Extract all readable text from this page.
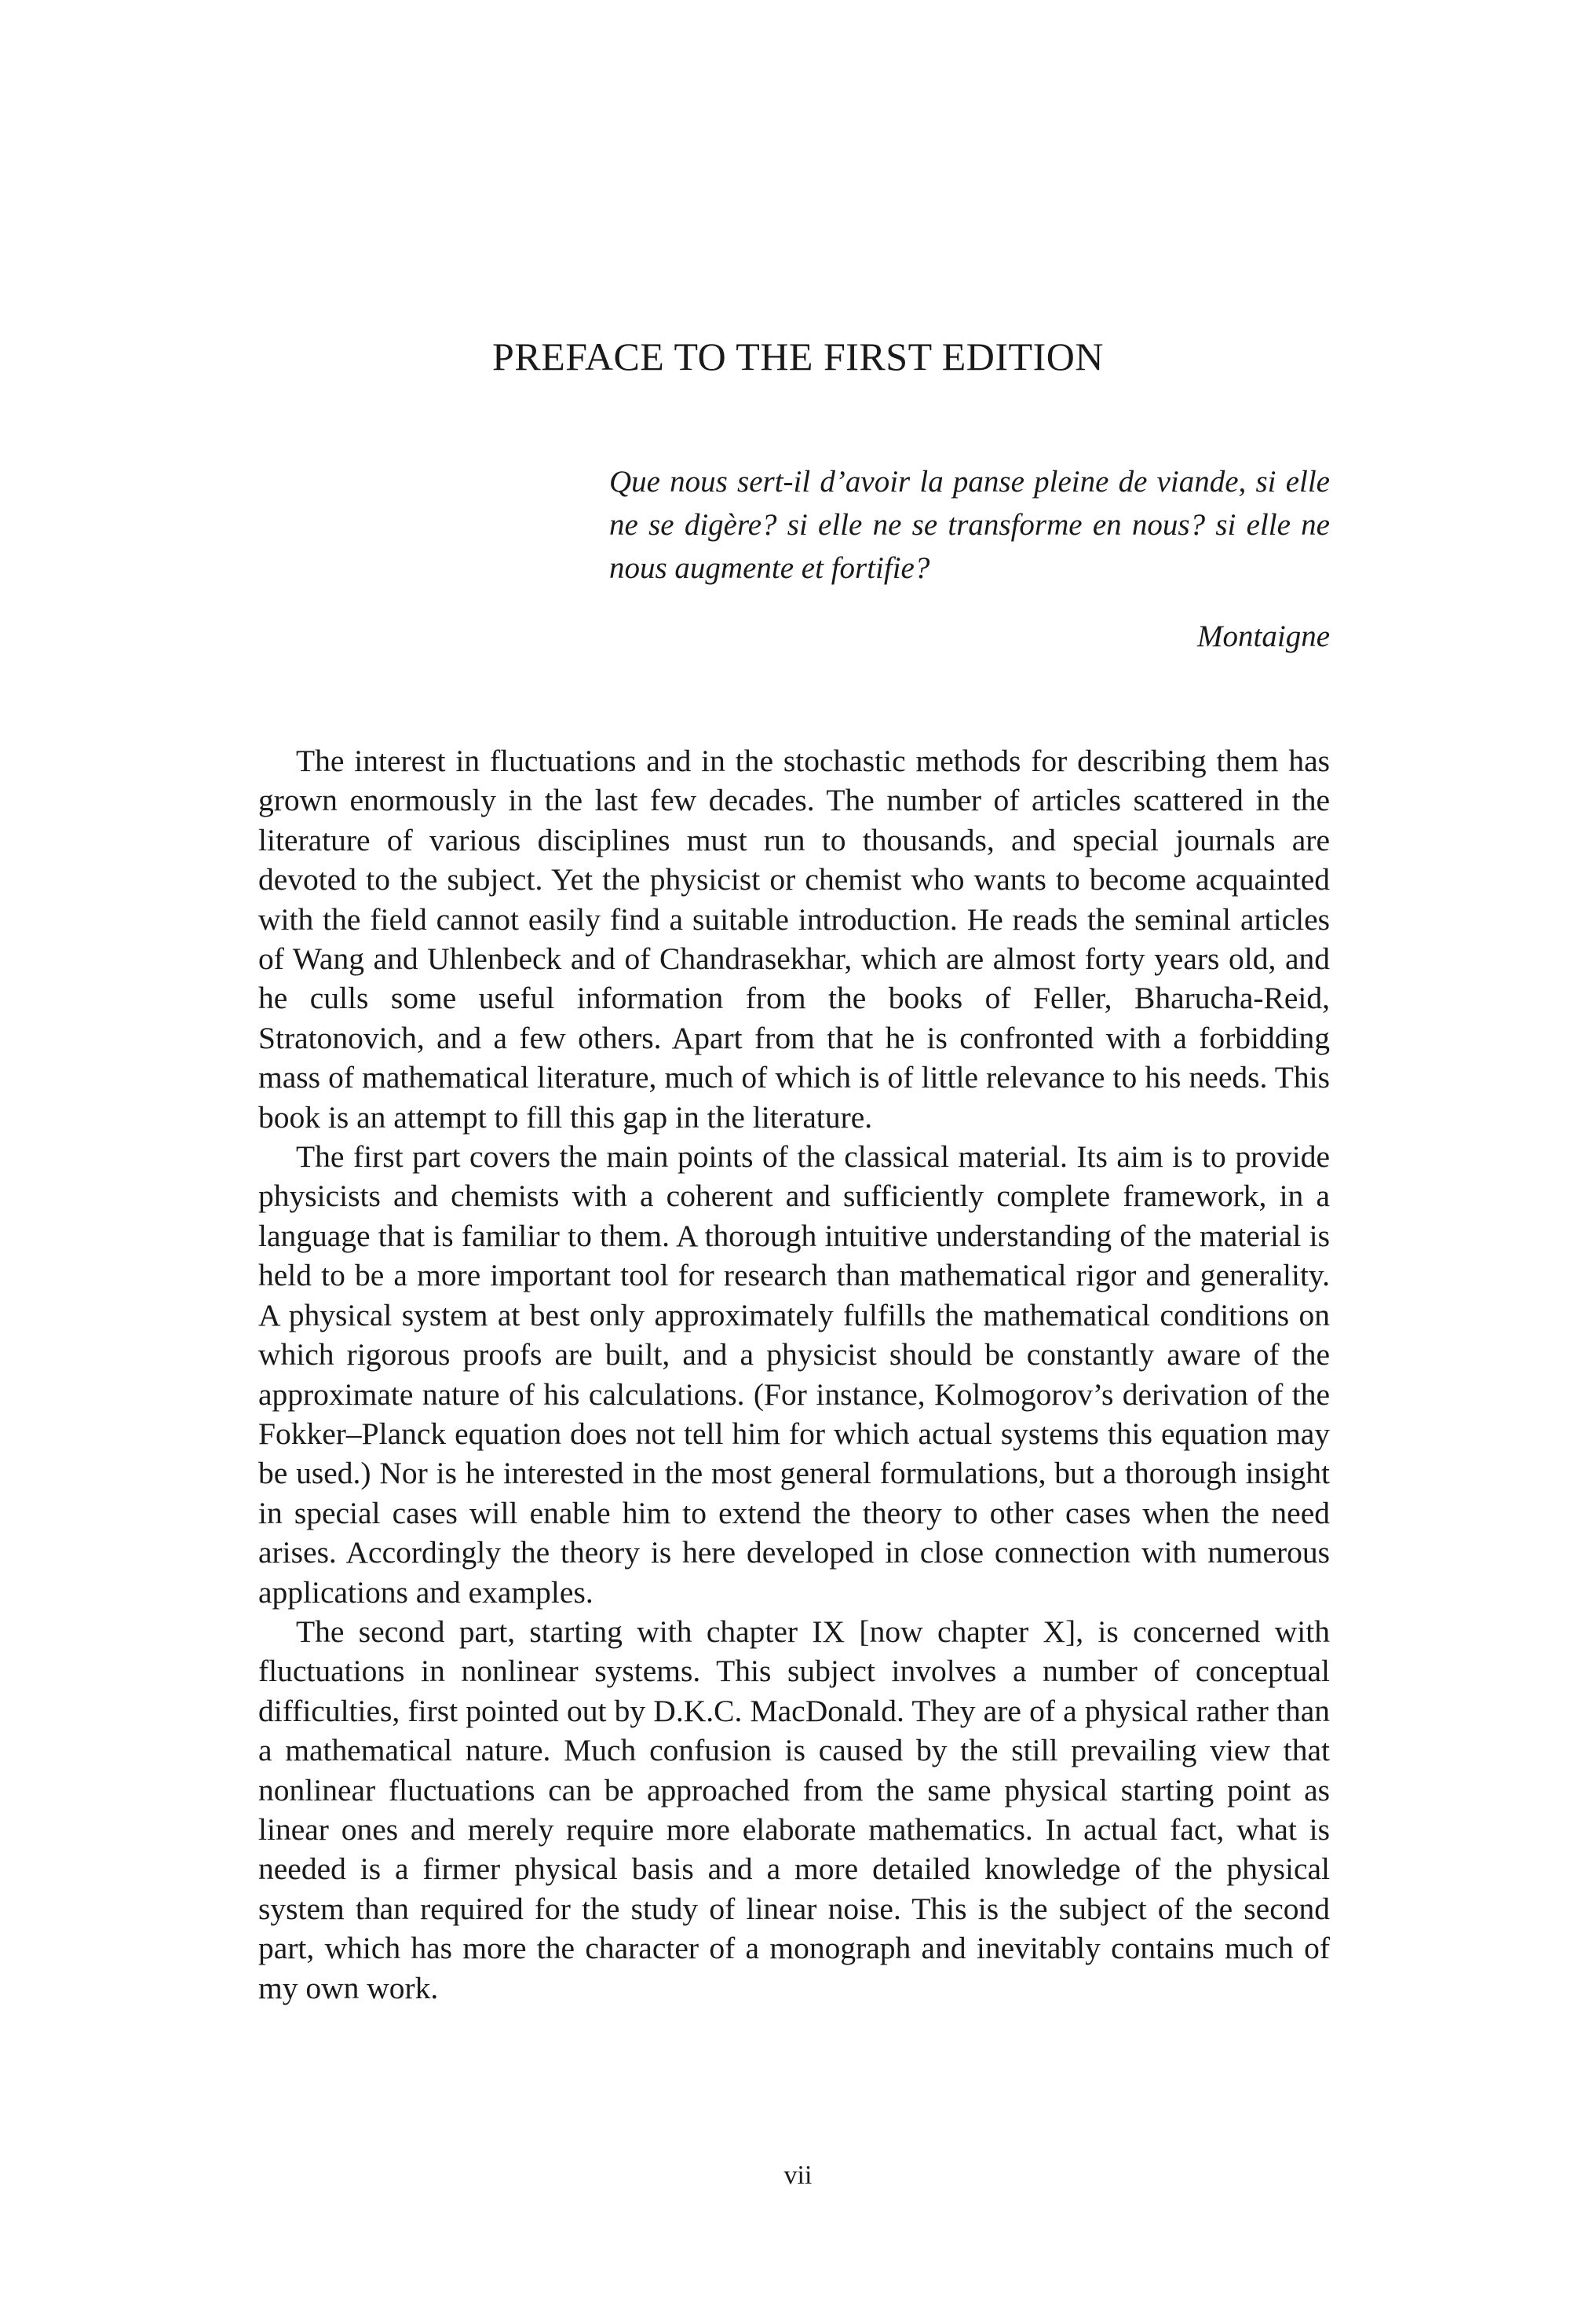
PREFACE TO THE FIRST EDITION

Que nous sert-il d’avoir la panse pleine de viande, si elle ne se digère? si elle ne se transforme en nous? si elle ne nous augmente et fortifie?

Montaigne

The interest in fluctuations and in the stochastic methods for describing them has grown enormously in the last few decades. The number of articles scattered in the literature of various disciplines must run to thousands, and special journals are devoted to the subject. Yet the physicist or chemist who wants to become acquainted with the field cannot easily find a suitable introduction. He reads the seminal articles of Wang and Uhlenbeck and of Chandrasekhar, which are almost forty years old, and he culls some useful information from the books of Feller, Bharucha-Reid, Stratonovich, and a few others. Apart from that he is confronted with a forbidding mass of mathematical literature, much of which is of little relevance to his needs. This book is an attempt to fill this gap in the literature.

The first part covers the main points of the classical material. Its aim is to provide physicists and chemists with a coherent and sufficiently complete framework, in a language that is familiar to them. A thorough intuitive understanding of the material is held to be a more important tool for research than mathematical rigor and generality. A physical system at best only approximately fulfills the mathematical conditions on which rigorous proofs are built, and a physicist should be constantly aware of the approximate nature of his calculations. (For instance, Kolmogorov’s derivation of the Fokker–Planck equation does not tell him for which actual systems this equation may be used.) Nor is he interested in the most general formulations, but a thorough insight in special cases will enable him to extend the theory to other cases when the need arises. Accordingly the theory is here developed in close connection with numerous applications and examples.

The second part, starting with chapter IX [now chapter X], is concerned with fluctuations in nonlinear systems. This subject involves a number of conceptual difficulties, first pointed out by D.K.C. MacDonald. They are of a physical rather than a mathematical nature. Much confusion is caused by the still prevailing view that nonlinear fluctuations can be approached from the same physical starting point as linear ones and merely require more elaborate mathematics. In actual fact, what is needed is a firmer physical basis and a more detailed knowledge of the physical system than required for the study of linear noise. This is the subject of the second part, which has more the character of a monograph and inevitably contains much of my own work.

vii
